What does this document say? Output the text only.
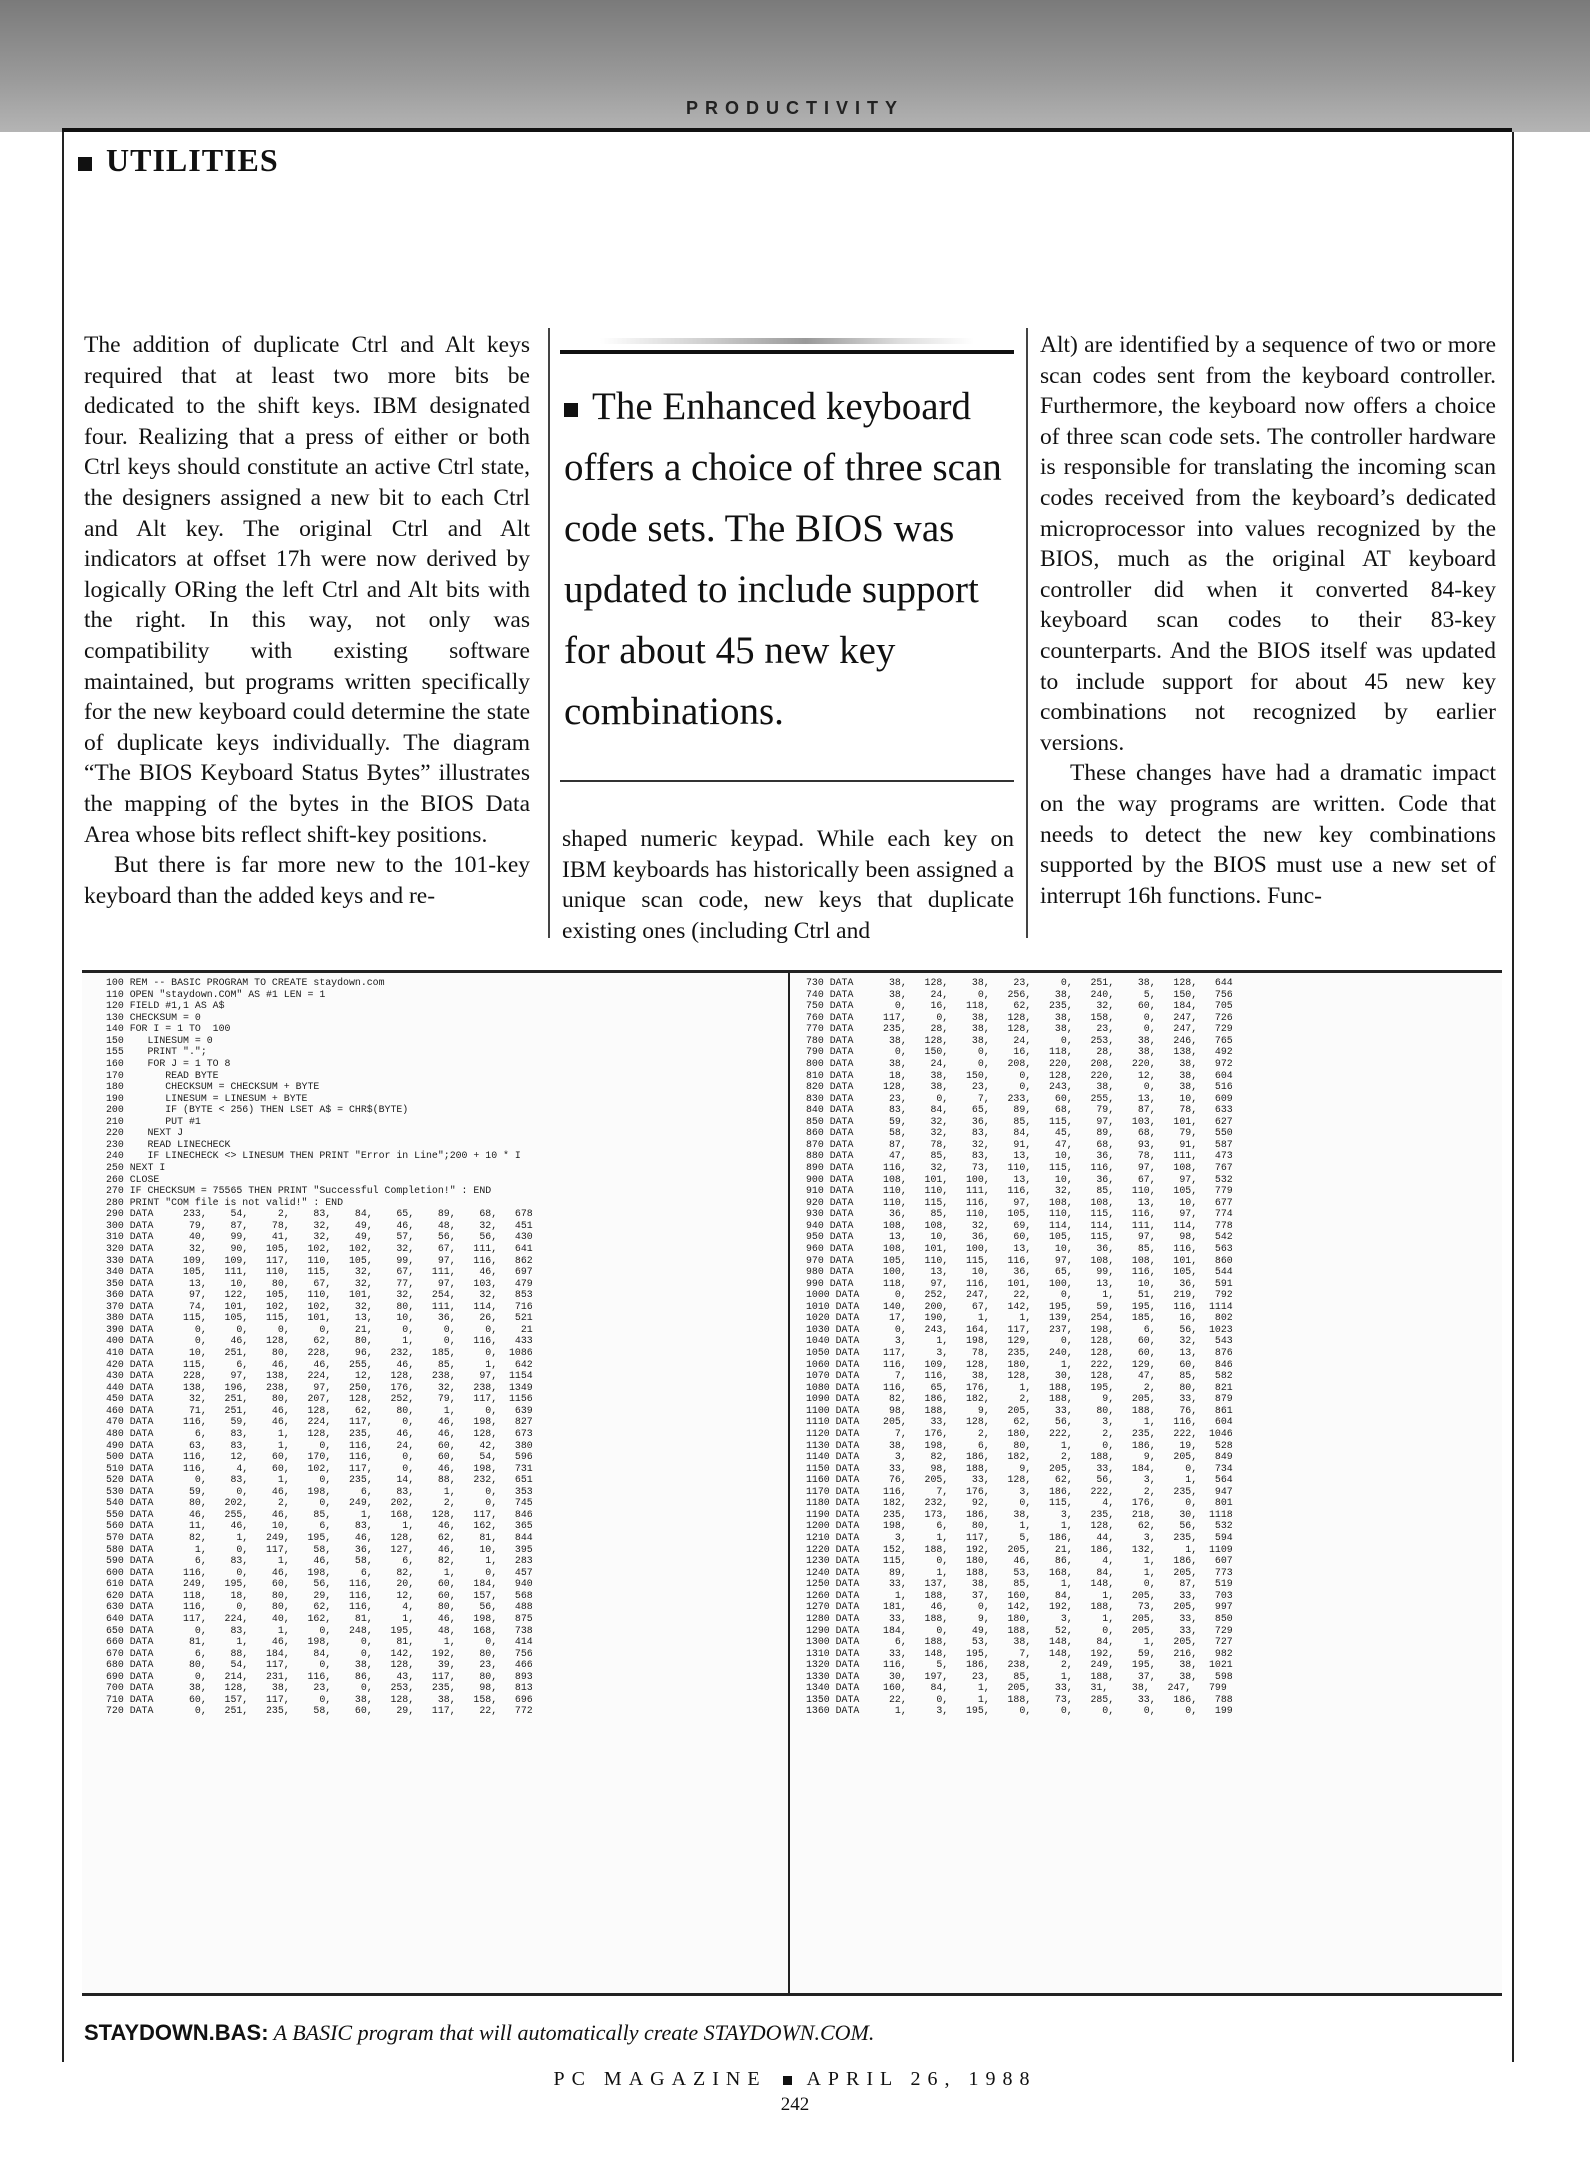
PRODUCTIVITY
UTILITIES

The addition of duplicate Ctrl and Alt keys required that at least two more bits be dedicated to the shift keys. IBM designated four. Realizing that a press of either or both Ctrl keys should constitute an active Ctrl state, the designers assigned a new bit to each Ctrl and Alt key. The original Ctrl and Alt indicators at offset 17h were now derived by logically ORing the left Ctrl and Alt bits with the right. In this way, not only was compatibility with existing software maintained, but programs written specifically for the new keyboard could determine the state of duplicate keys individually. The diagram “The BIOS Keyboard Status Bytes” illustrates the mapping of the bytes in the BIOS Data Area whose bits reflect shift-key positions.

But there is far more new to the 101-key keyboard than the added keys and re-

The Enhanced keyboard offers a choice of three scan code sets. The BIOS was updated to include support for about 45 new key combinations.

shaped numeric keypad. While each key on IBM keyboards has historically been assigned a unique scan code, new keys that duplicate existing ones (including Ctrl and

Alt) are identified by a sequence of two or more scan codes sent from the keyboard controller. Furthermore, the keyboard now offers a choice of three scan code sets. The controller hardware is responsible for translating the incoming scan codes received from the keyboard’s dedicated microprocessor into values recognized by the BIOS, much as the original AT keyboard controller did when it converted 84-key keyboard scan codes to their 83-key counterparts. And the BIOS itself was updated to include support for about 45 new key combinations not recognized by earlier versions.

These changes have had a dramatic impact on the way programs are written. Code that needs to detect the new key combinations supported by the BIOS must use a new set of interrupt 16h functions. Func-

100 REM -- BASIC PROGRAM TO CREATE staydown.com
110 OPEN "staydown.COM" AS #1 LEN = 1
120 FIELD #1,1 AS A$
130 CHECKSUM = 0
140 FOR I = 1 TO  100
150    LINESUM = 0
155    PRINT ".";
160    FOR J = 1 TO 8
170       READ BYTE
180       CHECKSUM = CHECKSUM + BYTE
190       LINESUM = LINESUM + BYTE
200       IF (BYTE < 256) THEN LSET A$ = CHR$(BYTE)
210       PUT #1
220    NEXT J
230    READ LINECHECK
240    IF LINECHECK <> LINESUM THEN PRINT "Error in Line";200 + 10 * I
250 NEXT I
260 CLOSE
270 IF CHECKSUM = 75565 THEN PRINT "Successful Completion!" : END
280 PRINT "COM file is not valid!" : END
290 DATA     233,    54,     2,    83,    84,    65,    89,    68,   678
300 DATA      79,    87,    78,    32,    49,    46,    48,    32,   451
310 DATA      40,    99,    41,    32,    49,    57,    56,    56,   430
320 DATA      32,    90,   105,   102,   102,    32,    67,   111,   641
330 DATA     109,   109,   117,   110,   105,    99,    97,   116,   862
340 DATA     105,   111,   110,   115,    32,    67,   111,    46,   697
350 DATA      13,    10,    80,    67,    32,    77,    97,   103,   479
360 DATA      97,   122,   105,   110,   101,    32,   254,    32,   853
370 DATA      74,   101,   102,   102,    32,    80,   111,   114,   716
380 DATA     115,   105,   115,   101,    13,    10,    36,    26,   521
390 DATA       0,     0,     0,     0,    21,     0,     0,     0,    21
400 DATA       0,    46,   128,    62,    80,     1,     0,   116,   433
410 DATA      10,   251,    80,   228,    96,   232,   185,     0,  1086
420 DATA     115,     6,    46,    46,   255,    46,    85,     1,   642
430 DATA     228,    97,   138,   224,    12,   128,   238,    97,  1154
440 DATA     138,   196,   238,    97,   250,   176,    32,   238,  1349
450 DATA      32,   251,    80,   207,   128,   252,    79,   117,  1156
460 DATA      71,   251,    46,   128,    62,    80,     1,     0,   639
470 DATA     116,    59,    46,   224,   117,     0,    46,   198,   827
480 DATA       6,    83,     1,   128,   235,    46,    46,   128,   673
490 DATA      63,    83,     1,     0,   116,    24,    60,    42,   380
500 DATA     116,    12,    60,   170,   116,     0,    60,    54,   596
510 DATA     116,     4,    60,   102,   117,     0,    46,   198,   731
520 DATA       0,    83,     1,     0,   235,    14,    88,   232,   651
530 DATA      59,     0,    46,   198,     6,    83,     1,     0,   353
540 DATA      80,   202,     2,     0,   249,   202,     2,     0,   745
550 DATA      46,   255,    46,    85,     1,   168,   128,   117,   846
560 DATA      11,    46,    10,     6,    83,     1,    46,   162,   365
570 DATA      82,     1,   249,   195,    46,   128,    62,    81,   844
580 DATA       1,     0,   117,    58,    36,   127,    46,    10,   395
590 DATA       6,    83,     1,    46,    58,     6,    82,     1,   283
600 DATA     116,     0,    46,   198,     6,    82,     1,     0,   457
610 DATA     249,   195,    60,    56,   116,    20,    60,   184,   940
620 DATA     118,    18,    80,    29,   116,    12,    60,   157,   568
630 DATA     116,     0,    80,    62,   116,     4,    80,    56,   488
640 DATA     117,   224,    40,   162,    81,     1,    46,   198,   875
650 DATA       0,    83,     1,     0,   248,   195,    48,   168,   738
660 DATA      81,     1,    46,   198,     0,    81,     1,     0,   414
670 DATA       6,    88,   184,    84,     0,   142,   192,    80,   756
680 DATA      80,    54,   117,     0,    38,   128,    39,    23,   466
690 DATA       0,   214,   231,   116,    86,    43,   117,    80,   893
700 DATA      38,   128,    38,    23,     0,   253,   235,    98,   813
710 DATA      60,   157,   117,     0,    38,   128,    38,   158,   696
720 DATA       0,   251,   235,    58,    60,    29,   117,    22,   772
730 DATA      38,   128,    38,    23,     0,   251,    38,   128,   644
740 DATA      38,    24,     0,   256,    38,   240,     5,   150,   756
750 DATA       0,    16,   118,    62,   235,    32,    60,   184,   705
760 DATA     117,     0,    38,   128,    38,   158,     0,   247,   726
770 DATA     235,    28,    38,   128,    38,    23,     0,   247,   729
780 DATA      38,   128,    38,    24,     0,   253,    38,   246,   765
790 DATA       0,   150,     0,    16,   118,    28,    38,   138,   492
800 DATA      38,    24,     0,   208,   220,   208,   220,    38,   972
810 DATA      18,    38,   150,     0,   128,   220,    12,    38,   604
820 DATA     128,    38,    23,     0,   243,    38,     0,    38,   516
830 DATA      23,     0,     7,   233,    60,   255,    13,    10,   609
840 DATA      83,    84,    65,    89,    68,    79,    87,    78,   633
850 DATA      59,    32,    36,    85,   115,    97,   103,   101,   627
860 DATA      58,    32,    83,    84,    45,    89,    68,    79,   550
870 DATA      87,    78,    32,    91,    47,    68,    93,    91,   587
880 DATA      47,    85,    83,    13,    10,    36,    78,   111,   473
890 DATA     116,    32,    73,   110,   115,   116,    97,   108,   767
900 DATA     108,   101,   100,    13,    10,    36,    67,    97,   532
910 DATA     110,   110,   111,   116,    32,    85,   110,   105,   779
920 DATA     110,   115,   116,    97,   108,   108,    13,    10,   677
930 DATA      36,    85,   110,   105,   110,   115,   116,    97,   774
940 DATA     108,   108,    32,    69,   114,   114,   111,   114,   778
950 DATA      13,    10,    36,    60,   105,   115,    97,    98,   542
960 DATA     108,   101,   100,    13,    10,    36,    85,   116,   563
970 DATA     105,   110,   115,   116,    97,   108,   108,   101,   860
980 DATA     100,    13,    10,    36,    65,    99,   116,   105,   544
990 DATA     118,    97,   116,   101,   100,    13,    10,    36,   591
1000 DATA      0,   252,   247,    22,     0,     1,    51,   219,   792
1010 DATA    140,   200,    67,   142,   195,    59,   195,   116,  1114
1020 DATA     17,   190,     1,     1,   139,   254,   185,    16,   802
1030 DATA      0,   243,   164,   117,   237,   198,     6,    56,  1023
1040 DATA      3,     1,   198,   129,     0,   128,    60,    32,   543
1050 DATA    117,     3,    78,   235,   240,   128,    60,    13,   876
1060 DATA    116,   109,   128,   180,     1,   222,   129,    60,   846
1070 DATA      7,   116,    38,   128,    30,   128,    47,    85,   582
1080 DATA    116,    65,   176,     1,   188,   195,     2,    80,   821
1090 DATA     82,   186,   182,     2,   188,     9,   205,    33,   879
1100 DATA     98,   188,     9,   205,    33,    80,   188,    76,   861
1110 DATA    205,    33,   128,    62,    56,     3,     1,   116,   604
1120 DATA      7,   176,     2,   180,   222,     2,   235,   222,  1046
1130 DATA     38,   198,     6,    80,     1,     0,   186,    19,   528
1140 DATA      3,    82,   186,   182,     2,   188,     9,   205,   849
1150 DATA     33,    98,   188,     9,   205,    33,   184,     0,   734
1160 DATA     76,   205,    33,   128,    62,    56,     3,     1,   564
1170 DATA    116,     7,   176,     3,   186,   222,     2,   235,   947
1180 DATA    182,   232,    92,     0,   115,     4,   176,     0,   801
1190 DATA    235,   173,   186,    38,     3,   235,   218,    30,  1118
1200 DATA    198,     6,    80,     1,     1,   128,    62,    56,   532
1210 DATA      3,     1,   117,     5,   186,    44,     3,   235,   594
1220 DATA    152,   188,   192,   205,    21,   186,   132,     1,  1109
1230 DATA    115,     0,   180,    46,    86,     4,     1,   186,   607
1240 DATA     89,     1,   188,    53,   168,    84,     1,   205,   773
1250 DATA     33,   137,    38,    85,     1,   148,     0,    87,   519
1260 DATA      1,   188,    37,   160,    84,     1,   205,    33,   703
1270 DATA    181,    46,     0,   142,   192,   188,    73,   205,   997
1280 DATA     33,   188,     9,   180,     3,     1,   205,    33,   850
1290 DATA    184,     0,    49,   188,    52,     0,   205,    33,   729
1300 DATA      6,   188,    53,    38,   148,    84,     1,   205,   727
1310 DATA     33,   148,   195,     7,   148,   192,    59,   216,   982
1320 DATA    116,     5,   186,   238,     2,   249,   195,    38,  1021
1330 DATA     30,   197,    23,    85,     1,   188,    37,    38,   598
1340 DATA    160,    84,     1,   205,    33,   31,    38,   247,   799
1350 DATA     22,     0,     1,   188,    73,   285,    33,   186,   788
1360 DATA      1,     3,   195,     0,     0,     0,     0,     0,   199
STAYDOWN.BAS: A BASIC program that will automatically create STAYDOWN.COM.
PC MAGAZINE APRIL 26, 1988
242
